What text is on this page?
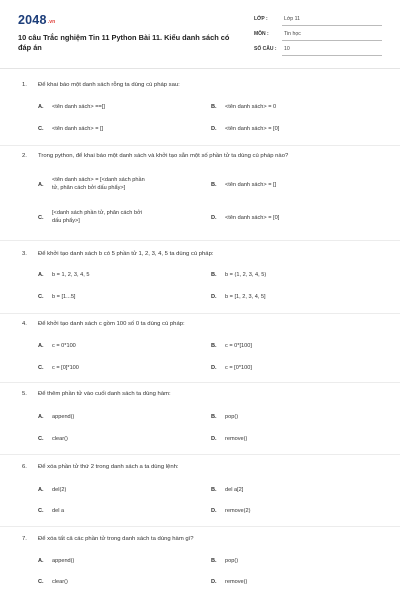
$2048^{.vn}$
10 câu Trắc nghiệm Tin 11 Python Bài 11. Kiểu danh sách có đáp án
LỚP :	Lớp 11
MÔN :	Tin học
SỐ CÂU :	10
1. Để khai báo một danh sách rỗng ta dùng cú pháp sau:
A. <tên danh sách> ==[]	B. <tên danh sách> = 0
C. <tên danh sách> = []	D. <tên danh sách> = [0]
2. Trong python, để khai báo một danh sách và khởi tạo sẵn một số phần tử ta dùng cú pháp nào?
A.
<tên danh sách> = [<danh sách phần tử, phân cách bởi dấu phẩy>]	B. <tên danh sách> = []
C.
[<danh sách phần tử, phân cách bởi dấu phẩy>]	D. <tên danh sách> = [0]
3. Để khởi tạo danh sách b có 5 phần tử 1, 2, 3, 4, 5 ta dùng cú pháp:
A. b = 1, 2, 3, 4, 5	B. b = (1, 2, 3, 4, 5)
C. b = [1...5]	D. b = [1, 2, 3, 4, 5]
4. Để khởi tạo danh sách c gồm 100 số 0 ta dùng cú pháp:
A. c = 0*100	B. c = 0*[100]
C. c = [0]*100	D. c = [0*100]
5. Để thêm phần tử vào cuối danh sách ta dùng hàm:
A. append()	B. pop()
C. clear()	D. remove()
6. Để xóa phần tử thứ 2 trong danh sách a ta dùng lệnh:
A. del(2)	B. del a[2]
C. del a	D. remove(2)
7. Để xóa tất cả các phần tử trong danh sách ta dùng hàm gì?
A. append()	B. pop()
C. clear()	D. remove()
